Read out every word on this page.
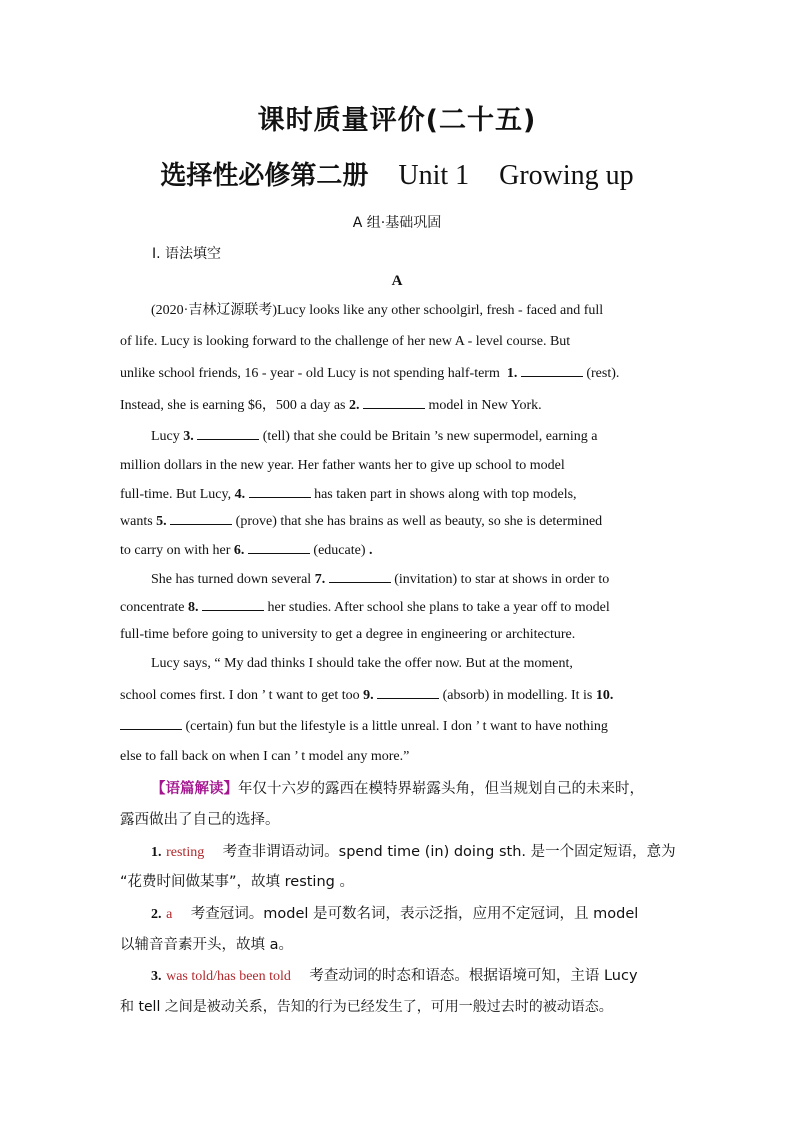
课时质量评价(二十五)
选择性必修第二册 Unit 1 Growing up
A 组·基础巩固
Ⅰ. 语法填空
A
(2020·吉林辽源联考)Lucy looks like any other schoolgirl, fresh - faced and full
of life. Lucy is looking forward to the challenge of her new A - level course. But
unlike school friends, 16 - year - old Lucy is not spending half-term 1.	(rest).
Instead, she is earning $6，500 a day as 2.	model in New York.
Lucy 3.	(tell) that she could be Britain ’s new supermodel, earning a
million dollars in the new year. Her father wants her to give up school to model
full-time. But Lucy, 4.	has taken part in shows along with top models,
wants 5.	(prove) that she has brains as well as beauty, so she is determined
to carry on with her 6.	(educate) .
She has turned down several 7.	(invitation) to star at shows in order to
concentrate 8.	her studies. After school she plans to take a year off to model
full-time before going to university to get a degree in engineering or architecture.
Lucy says, “ My dad thinks I should take the offer now. But at the moment,
school comes first. I don ’ t want to get too 9.	(absorb) in modelling. It is 10.
(certain) fun but the lifestyle is a little unreal. I don ’ t want to have nothing
else to fall back on when I can ’ t model any more.”
【语篇解读】年仅十六岁的露西在模特界崭露头角，但当规划自己的未来时，
露西做出了自己的选择。
1. resting 考查非谓语动词。spend time (in) doing sth. 是一个固定短语，意为
“花费时间做某事”，故填 resting 。
2. a 考查冠词。model 是可数名词，表示泛指，应用不定冠词，且 model
以辅音音素开头，故填 a。
3. was told/has been told 考查动词的时态和语态。根据语境可知，主语 Lucy
和 tell 之间是被动关系，告知的行为已经发生了，可用一般过去时的被动语态。
